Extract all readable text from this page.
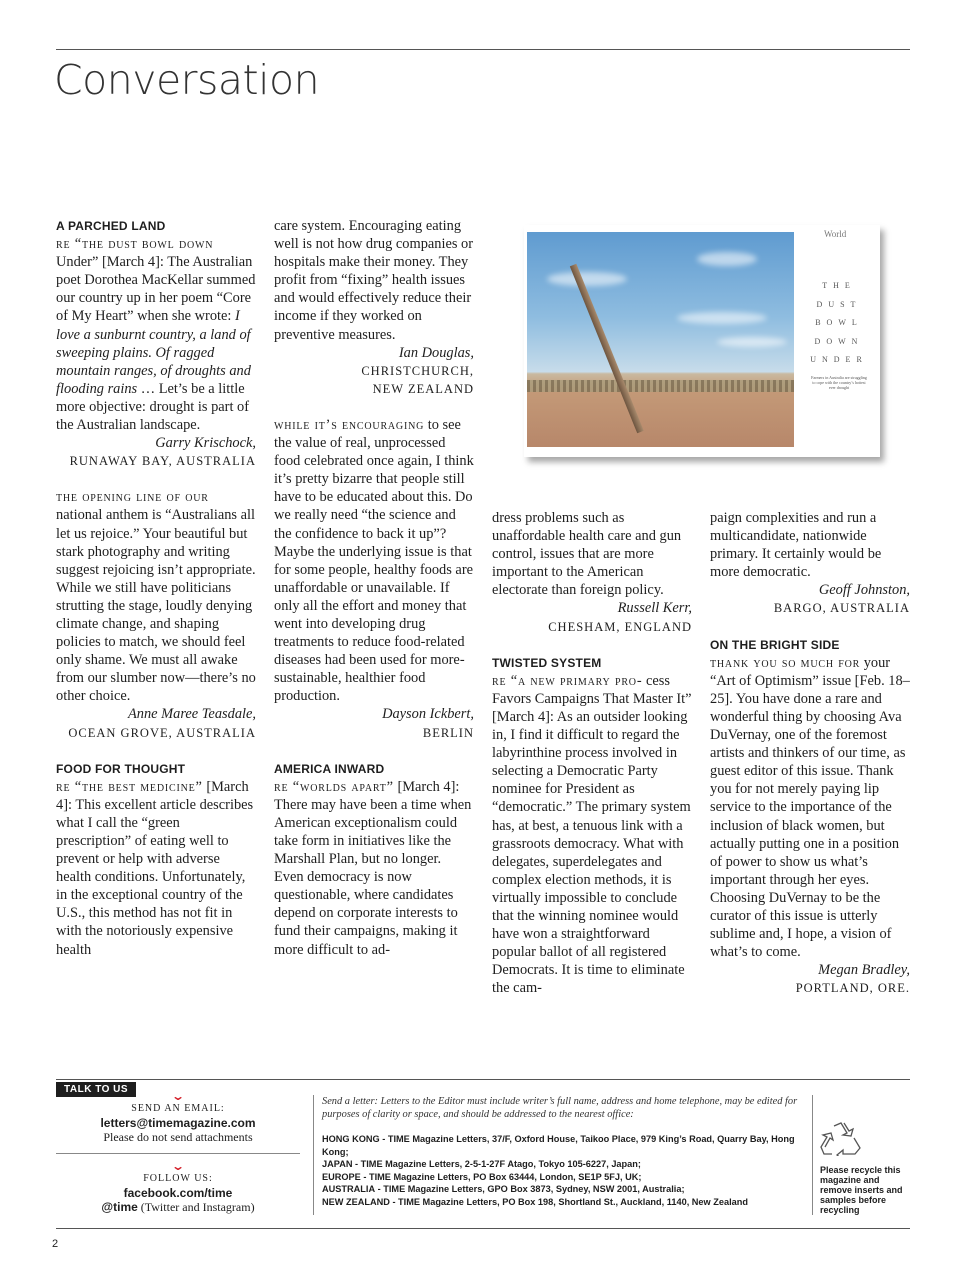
Conversation
A PARCHED LAND

re “the dust bowl down Under” [March 4]: The Australian poet Dorothea MacKellar summed our country up in her poem “Core of My Heart” when she wrote: I love a sunburnt country, a land of sweeping plains. Of ragged mountain ranges, of droughts and flooding rains … Let’s be a little more objective: drought is part of the Australian landscape.

Garry Krischock,
RUNAWAY BAY, AUSTRALIA

the opening line of our national anthem is “Australians all let us rejoice.” Your beautiful but stark photography and writing suggest rejoicing isn’t appropriate. While we still have politicians strutting the stage, loudly denying climate change, and shaping policies to match, we should feel only shame. We must all awake from our slumber now—there’s no other choice.

Anne Maree Teasdale,
OCEAN GROVE, AUSTRALIA
FOOD FOR THOUGHT

re “the best medicine” [March 4]: This excellent article describes what I call the “green prescription” of eating well to prevent or help with adverse health conditions. Unfortunately, in the exceptional country of the U.S., this method has not fit in with the notoriously expensive health

care system. Encouraging eating well is not how drug companies or hospitals make their money. They profit from “fixing” health issues and would effectively reduce their income if they worked on preventive measures.

Ian Douglas,
CHRISTCHURCH,
NEW ZEALAND

while it’s encouraging to see the value of real, unprocessed food celebrated once again, I think it’s pretty bizarre that people still have to be educated about this. Do we really need “the science and the confidence to back it up”? Maybe the underlying issue is that for some people, healthy foods are unaffordable or unavailable. If only all the effort and money that went into developing drug treatments to reduce food-related diseases had been used for more-sustainable, healthier food production.

Dayson Ickbert,
BERLIN
AMERICA INWARD

re “worlds apart” [March 4]: There may have been a time when American exceptionalism could take form in initiatives like the Marshall Plan, but no longer. Even democracy is now questionable, where candidates depend on corporate interests to fund their campaigns, making it more difficult to ad-

dress problems such as unaffordable health care and gun control, issues that are more important to the American electorate than foreign policy.

Russell Kerr,
CHESHAM, ENGLAND
TWISTED SYSTEM

re “a new primary pro- cess Favors Campaigns That Master It” [March 4]: As an outsider looking in, I find it difficult to regard the labyrinthine process involved in selecting a Democratic Party nominee for President as “democratic.” The primary system has, at best, a tenuous link with a grassroots democracy. What with delegates, superdelegates and complex election methods, it is virtually impossible to conclude that the winning nominee would have won a straightforward popular ballot of all registered Democrats. It is time to eliminate the cam-

paign complexities and run a multicandidate, nationwide primary. It certainly would be more democratic.

Geoff Johnston,
BARGO, AUSTRALIA
ON THE BRIGHT SIDE

thank you so much for your “Art of Optimism” issue [Feb. 18–25]. You have done a rare and wonderful thing by choosing Ava DuVernay, one of the foremost artists and thinkers of our time, as guest editor of this issue. Thank you for not merely paying lip service to the importance of the inclusion of black women, but actually putting one in a position of power to show us what’s important through her eyes. Choosing DuVernay to be the curator of this issue is utterly sublime and, I hope, a vision of what’s to come.

Megan Bradley,
PORTLAND, ORE.
World
THE
DUST
BOWL
DOWN
UNDER
Farmers in Australia are struggling to cope with the country’s hottest ever drought
TALK TO US	⌄
SEND AN EMAIL:
letters@timemagazine.com
Please do not send attachments
⌄
FOLLOW US:
facebook.com/time
@time (Twitter and Instagram)
Send a letter: Letters to the Editor must include writer’s full name, address and home telephone, may be edited for purposes of clarity or space, and should be addressed to the nearest office:
HONG KONG - TIME Magazine Letters, 37/F, Oxford House, Taikoo Place, 979 King’s Road, Quarry Bay, Hong Kong;
JAPAN - TIME Magazine Letters, 2-5-1-27F Atago, Tokyo 105-6227, Japan;
EUROPE - TIME Magazine Letters, PO Box 63444, London, SE1P 5FJ, UK;
AUSTRALIA - TIME Magazine Letters, GPO Box 3873, Sydney, NSW 2001, Australia;
NEW ZEALAND - TIME Magazine Letters, PO Box 198, Shortland St., Auckland, 1140, New Zealand
Please recycle this magazine and remove inserts and samples before recycling
2
